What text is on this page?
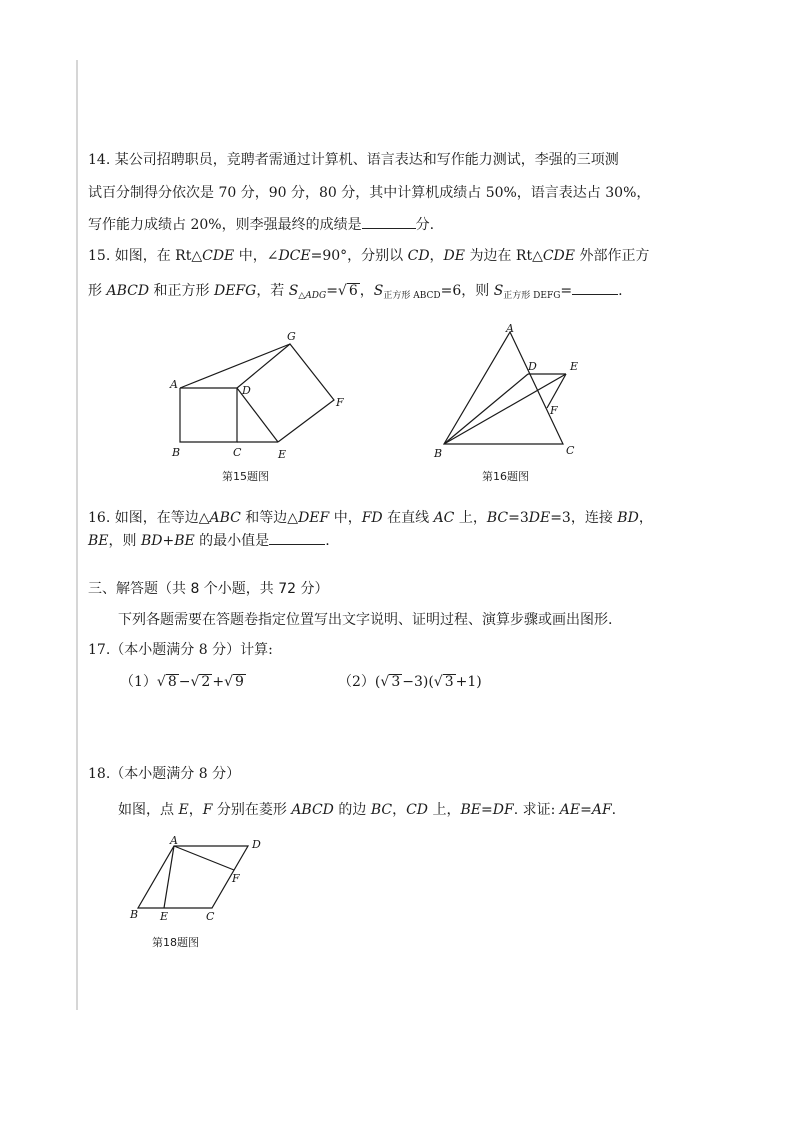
14. 某公司招聘职员，竞聘者需通过计算机、语言表达和写作能力测试，李强的三项测
试百分制得分依次是 70 分，90 分，80 分，其中计算机成绩占 50%，语言表达占 30%，
写作能力成绩占 20%，则李强最终的成绩是	分.
15. 如图，在 Rt△CDE 中，∠DCE=90°，分别以 CD，DE 为边在 Rt△CDE 外部作正方
形 ABCD 和正方形 DEFG，若 $S_{\triangle ADG}=√$ 6 ，$S_{正方形 ABCD}=6$，则 $S_{正方形 DEFG}=$	.
A
B	C
D
E
F
G
第15题图
A
B	C
D	E
F
第16题图
16. 如图，在等边△ABC 和等边△DEF 中，FD 在直线 AC 上，BC=3DE=3，连接 BD，
BE，则 BD+BE 的最小值是	.
三、解答题（共 8 个小题，共 72 分）
下列各题需要在答题卷指定位置写出文字说明、证明过程、演算步骤或画出图形.
17.（本小题满分 8 分）计算:
（1）√ 8 −√ 2 +√ 9	（2）(√ 3 −3)(√ 3 +1)
18.（本小题满分 8 分）
如图，点 E，F 分别在菱形 ABCD 的边 BC，CD 上，BE=DF. 求证: AE=AF.
A	D
F
B E	C
第18题图
